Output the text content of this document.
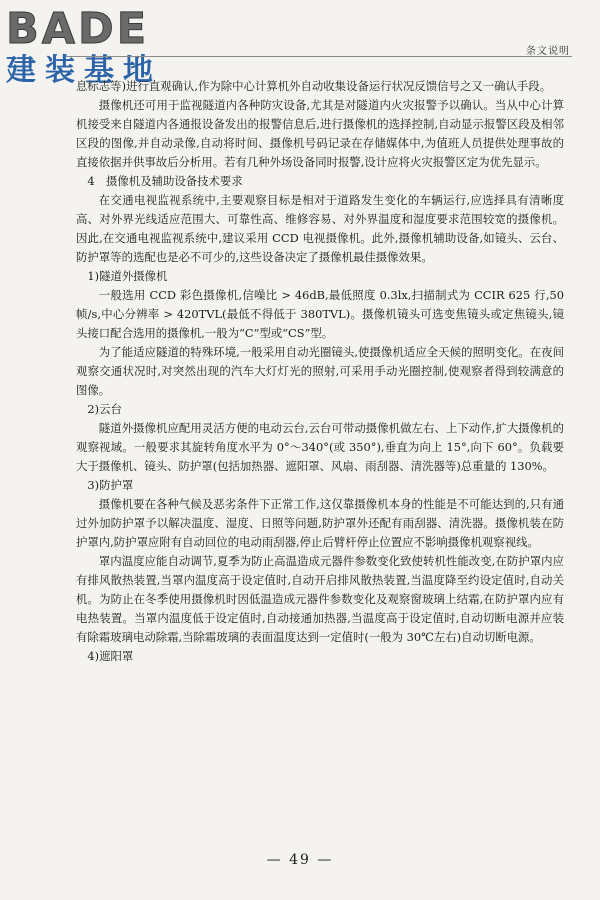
BADE
建装基地
条文说明

息标志等)进行直观确认,作为除中心计算机外自动收集设备运行状况反馈信号之又一确认手段。

摄像机还可用于监视隧道内各种防灾设备,尤其是对隧道内火灾报警予以确认。当从中心计算机接受来自隧道内各通报设备发出的报警信息后,进行摄像机的选择控制,自动显示报警区段及相邻区段的图像,并自动录像,自动将时间、摄像机号码记录在存储媒体中,为值班人员提供处理事故的直接依据并供事故后分析用。若有几种外场设备同时报警,设计应将火灾报警区定为优先显示。

4　摄像机及辅助设备技术要求

在交通电视监视系统中,主要观察目标是相对于道路发生变化的车辆运行,应选择具有清晰度高、对外界光线适应范围大、可靠性高、维修容易、对外界温度和湿度要求范围较宽的摄像机。因此,在交通电视监视系统中,建议采用 CCD 电视摄像机。此外,摄像机辅助设备,如镜头、云台、防护罩等的选配也是必不可少的,这些设备决定了摄像机最佳摄像效果。

1)隧道外摄像机

一般选用 CCD 彩色摄像机,信噪比 > 46dB,最低照度 0.3lx,扫描制式为 CCIR 625 行,50 帧/s,中心分辨率 > 420TVL(最低不得低于 380TVL)。摄像机镜头可选变焦镜头或定焦镜头,镜头接口配合选用的摄像机,一般为“C”型或“CS”型。

为了能适应隧道的特殊环境,一般采用自动光圈镜头,使摄像机适应全天候的照明变化。在夜间观察交通状况时,对突然出现的汽车大灯灯光的照射,可采用手动光圈控制,使观察者得到较满意的图像。

2)云台

隧道外摄像机应配用灵活方便的电动云台,云台可带动摄像机做左右、上下动作,扩大摄像机的观察视域。一般要求其旋转角度水平为 0°～340°(或 350°),垂直为向上 15°,向下 60°。负载要大于摄像机、镜头、防护罩(包括加热器、遮阳罩、风扇、雨刮器、清洗器等)总重量的 130%。

3)防护罩

摄像机要在各种气候及恶劣条件下正常工作,这仅靠摄像机本身的性能是不可能达到的,只有通过外加防护罩予以解决温度、湿度、日照等问题,防护罩外还配有雨刮器、清洗器。摄像机装在防护罩内,防护罩应附有自动回位的电动雨刮器,停止后臂杆停止位置应不影响摄像机观察视线。

罩内温度应能自动调节,夏季为防止高温造成元器件参数变化致使转机性能改变,在防护罩内应有排风散热装置,当罩内温度高于设定值时,自动开启排风散热装置,当温度降至约设定值时,自动关机。为防止在冬季使用摄像机时因低温造成元器件参数变化及观察窗玻璃上结霜,在防护罩内应有电热装置。当罩内温度低于设定值时,自动接通加热器,当温度高于设定值时,自动切断电源并应装有除霜玻璃电动除霜,当除霜玻璃的表面温度达到一定值时(一般为 30℃左右)自动切断电源。

4)遮阳罩

— 49 —
